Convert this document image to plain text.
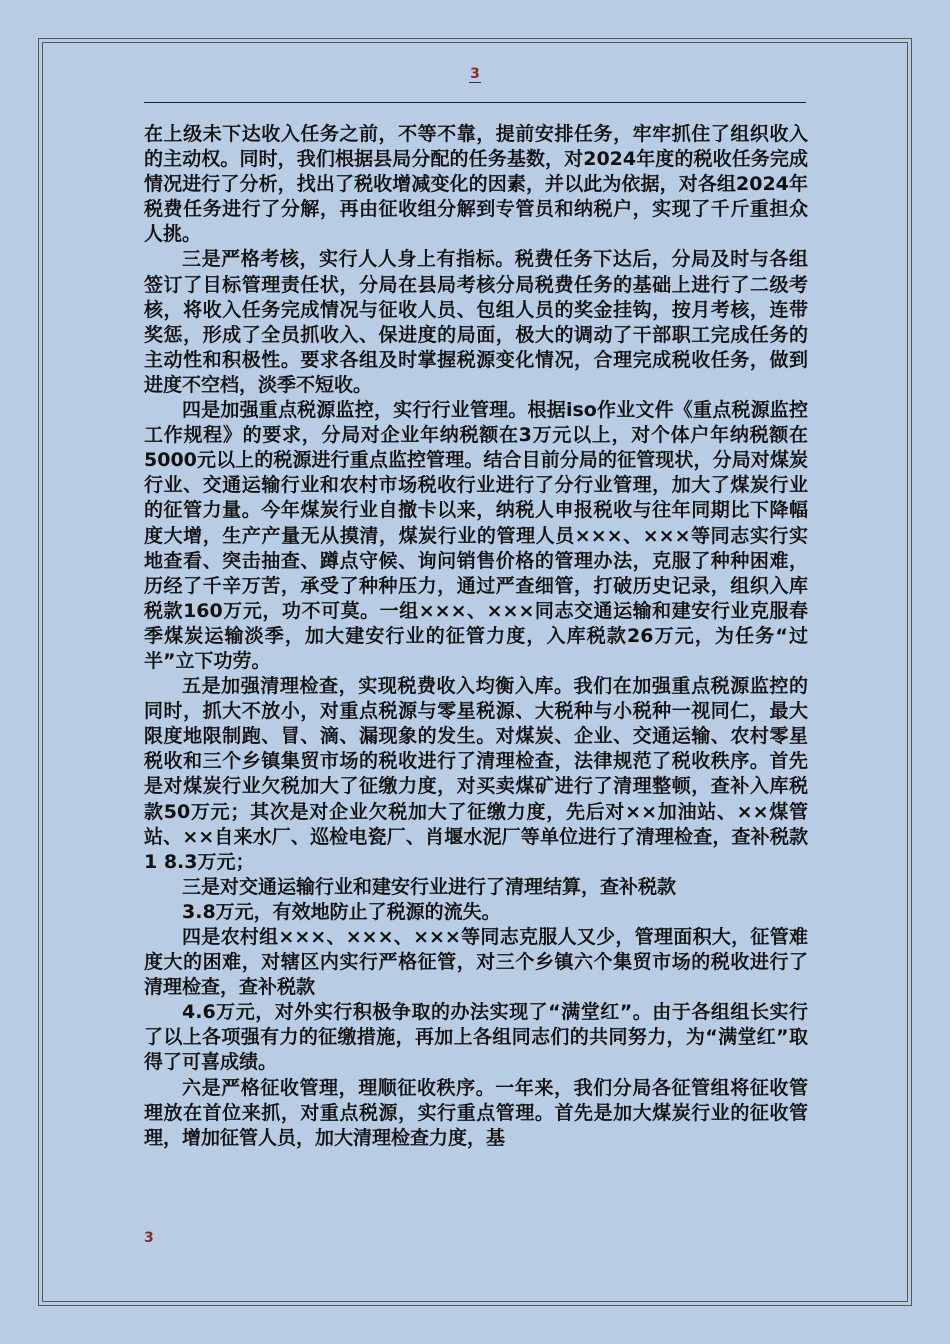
3

在上级未下达收入任务之前，不等不靠，提前安排任务，牢牢抓住了组织收入的主动权。同时，我们根据县局分配的任务基数，对2024年度的税收任务完成情况进行了分析，找出了税收增减变化的因素，并以此为依据，对各组2024年税费任务进行了分解，再由征收组分解到专管员和纳税户，实现了千斤重担众人挑。

三是严格考核，实行人人身上有指标。税费任务下达后，分局及时与各组签订了目标管理责任状，分局在县局考核分局税费任务的基础上进行了二级考核，将收入任务完成情况与征收人员、包组人员的奖金挂钩，按月考核，连带奖惩，形成了全员抓收入、保进度的局面，极大的调动了干部职工完成任务的主动性和积极性。要求各组及时掌握税源变化情况，合理完成税收任务，做到进度不空档，淡季不短收。

四是加强重点税源监控，实行行业管理。根据iso作业文件《重点税源监控工作规程》的要求，分局对企业年纳税额在3万元以上，对个体户年纳税额在5000元以上的税源进行重点监控管理。结合目前分局的征管现状，分局对煤炭行业、交通运输行业和农村市场税收行业进行了分行业管理，加大了煤炭行业的征管力量。今年煤炭行业自撤卡以来，纳税人申报税收与往年同期比下降幅度大增，生产产量无从摸清，煤炭行业的管理人员×××、×××等同志实行实地查看、突击抽查、蹲点守候、询问销售价格的管理办法，克服了种种困难，历经了千辛万苦，承受了种种压力，通过严查细管，打破历史记录，组织入库税款160万元，功不可莫。一组×××、×××同志交通运输和建安行业克服春季煤炭运输淡季，加大建安行业的征管力度，入库税款26万元，为任务“过半”立下功劳。

五是加强清理检查，实现税费收入均衡入库。我们在加强重点税源监控的同时，抓大不放小，对重点税源与零星税源、大税种与小税种一视同仁，最大限度地限制跑、冒、滴、漏现象的发生。对煤炭、企业、交通运输、农村零星税收和三个乡镇集贸市场的税收进行了清理检查，法律规范了税收秩序。首先是对煤炭行业欠税加大了征缴力度，对买卖煤矿进行了清理整顿，查补入库税款50万元；其次是对企业欠税加大了征缴力度，先后对××加油站、××煤管站、××自来水厂、巡检电瓷厂、肖堰水泥厂等单位进行了清理检查，查补税款1 8.3万元；

三是对交通运输行业和建安行业进行了清理结算，查补税款

3.8万元，有效地防止了税源的流失。

四是农村组×××、×××、×××等同志克服人又少，管理面积大，征管难度大的困难，对辖区内实行严格征管，对三个乡镇六个集贸市场的税收进行了清理检查，查补税款

4.6万元，对外实行积极争取的办法实现了“满堂红”。由于各组组长实行了以上各项强有力的征缴措施，再加上各组同志们的共同努力，为“满堂红”取得了可喜成绩。

六是严格征收管理，理顺征收秩序。一年来，我们分局各征管组将征收管理放在首位来抓，对重点税源，实行重点管理。首先是加大煤炭行业的征收管理，增加征管人员，加大清理检查力度，基

3
